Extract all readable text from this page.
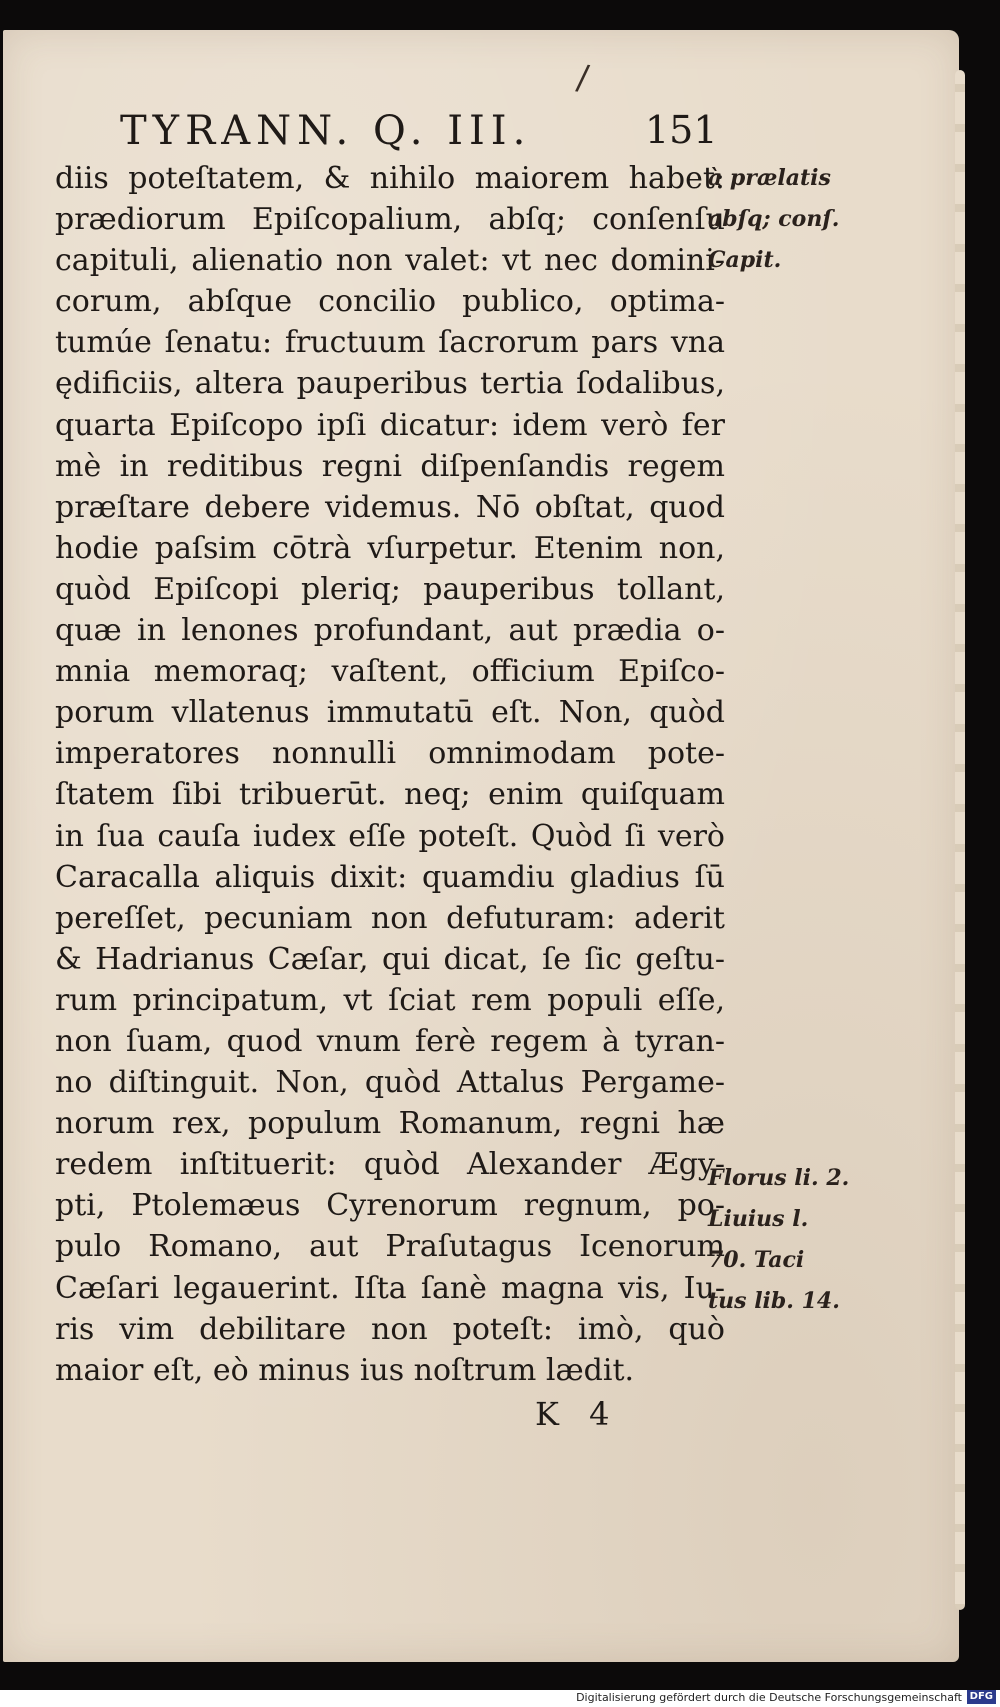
/
TYRANN. Q. III.	151
diis poteſtatem, & nihilo maiorem habet:
prædiorum Epiſcopalium, abſq; conſenſu
capituli, alienatio non valet: vt nec domini-
corum, abſque concilio publico, optima-
tumúe ſenatu: fructuum ſacrorum pars vna
ędificiis, altera pauperibus tertia ſodalibus,
quarta Epiſcopo ipſi dicatur: idem verò fer
mè in reditibus regni diſpenſandis regem
præſtare debere videmus. Nō obſtat, quod
hodie paſsim cōtrà vſurpetur. Etenim non,
quòd Epiſcopi pleriq; pauperibus tollant,
quæ in lenones profundant, aut prædia o-
mnia memoraq; vaſtent, officium Epiſco-
porum vllatenus immutatū eſt. Non, quòd
imperatores nonnulli omnimodam pote-
ſtatem ſibi tribuerūt. neq; enim quiſquam
in ſua cauſa iudex eſſe poteſt. Quòd ſi verò
Caracalla aliquis dixit: quamdiu gladius ſū
pereſſet, pecuniam non defuturam: aderit
& Hadrianus Cæſar, qui dicat, ſe ſic geſtu-
rum principatum, vt ſciat rem populi eſſe,
non ſuam, quod vnum ferè regem à tyran-
no diſtinguit. Non, quòd Attalus Pergame-
norum rex, populum Romanum, regni hæ
redem inſtituerit: quòd Alexander Ægy-
pti, Ptolemæus Cyrenorum regnum, po-
pulo Romano, aut Praſutagus Icenorum
Cæſari legauerint. Iſta ſanè magna vis, Iu-
ris vim debilitare non poteſt: imò, quò
maior eſt, eò minus ius noſtrum lædit.
à prælatis
abſq; conſ.
Capit.
Florus li. 2.
Liuius l.
70. Taci
tus lib. 14.
K 4
Digitalisierung gefördert durch die Deutsche Forschungsgemeinschaft DFG
